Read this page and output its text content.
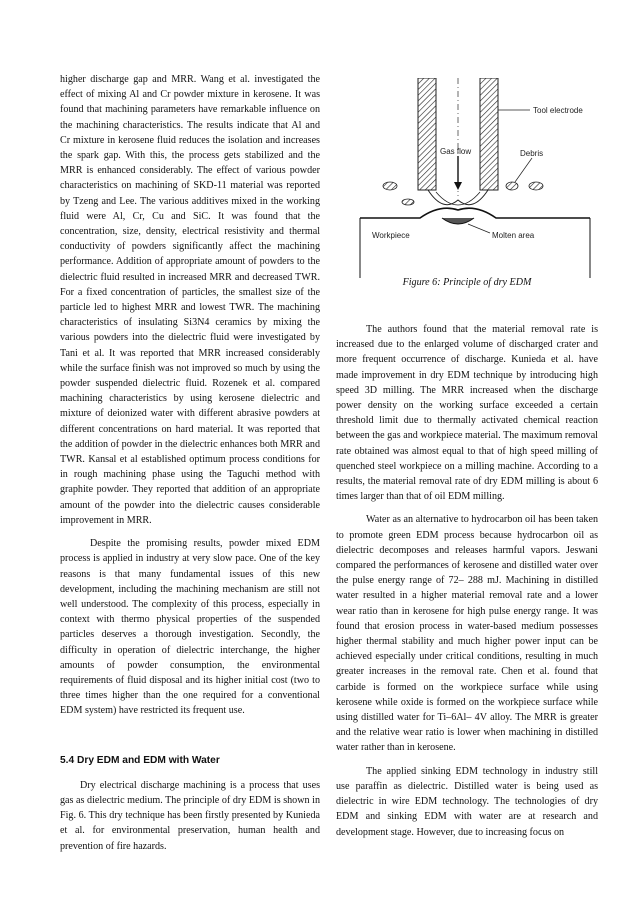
higher discharge gap and MRR. Wang et al. investigated the effect of mixing Al and Cr powder mixture in kerosene. It was found that machining parameters have remarkable influence on the machining characteristics. The results indicate that Al and Cr mixture in kerosene fluid reduces the isolation and increases the spark gap. With this, the process gets stabilized and the MRR is enhanced considerably. The effect of various powder characteristics on machining of SKD-11 material was reported by Tzeng and Lee. The various additives mixed in the working fluid were Al, Cr, Cu and SiC. It was found that the concentration, size, density, electrical resistivity and thermal conductivity of powders significantly affect the machining performance. Addition of appropriate amount of powders to the dielectric fluid resulted in increased MRR and decreased TWR. For a fixed concentration of particles, the smallest size of the particle led to highest MRR and lowest TWR. The machining characteristics of insulating Si3N4 ceramics by mixing the various powders into the dielectric fluid were investigated by Tani et al. It was reported that MRR increased considerably while the surface finish was not improved so much by using the powder suspended dielectric fluid. Rozenek et al. compared machining characteristics by using kerosene dielectric and mixture of deionized water with different abrasive powders at different concentrations on hard material. It was reported that the addition of powder in the dielectric enhances both MRR and TWR. Kansal et al established optimum process conditions for in rough machining phase using the Taguchi method with graphite powder. They reported that addition of an appropriate amount of the powder into the dielectric causes considerable improvement in MRR.

Despite the promising results, powder mixed EDM process is applied in industry at very slow pace. One of the key reasons is that many fundamental issues of this new development, including the machining mechanism are still not well understood. The complexity of this process, especially in context with thermo physical properties of the suspended particles deserves a thorough investigation. Secondly, the difficulty in operation of dielectric interchange, the higher amounts of powder consumption, the environmental requirements of fluid disposal and its higher initial cost (two to three times higher than the one required for a conventional EDM system) have restricted its frequent use.

5.4 Dry EDM and EDM with Water

Dry electrical discharge machining is a process that uses gas as dielectric medium. The principle of dry EDM is shown in Fig. 6. This dry technique has been firstly presented by Kunieda et al. for environmental preservation, human health and prevention of fire hazards.

Tool electrode
Gas flow	Debris
Workpiece	Molten area
Figure 6: Principle of dry EDM

The authors found that the material removal rate is increased due to the enlarged volume of discharged crater and more frequent occurrence of discharge. Kunieda et al. have made improvement in dry EDM technique by introducing high speed 3D milling. The MRR increased when the discharge power density on the working surface exceeded a certain threshold limit due to thermally activated chemical reaction between the gas and workpiece material. The maximum removal rate obtained was almost equal to that of high speed milling of quenched steel workpiece on a milling machine. According to a results, the material removal rate of dry EDM milling is about 6 times larger than that of oil EDM milling.

Water as an alternative to hydrocarbon oil has been taken to promote green EDM process because hydrocarbon oil as dielectric decomposes and releases harmful vapors. Jeswani compared the performances of kerosene and distilled water over the pulse energy range of 72– 288 mJ. Machining in distilled water resulted in a higher material removal rate and a lower wear ratio than in kerosene for high pulse energy range. It was found that erosion process in water-based medium possesses higher thermal stability and much higher power input can be achieved especially under critical conditions, resulting in much greater increases in the removal rate. Chen et al. found that carbide is formed on the workpiece surface while using kerosene while oxide is formed on the workpiece surface while using distilled water for Ti–6Al– 4V alloy. The MRR is greater and the relative wear ratio is lower when machining in distilled water rather than in kerosene.

The applied sinking EDM technology in industry still use paraffin as dielectric. Distilled water is being used as dielectric in wire EDM technology. The technologies of dry EDM and sinking EDM with water are at research and development stage. However, due to increasing focus on
